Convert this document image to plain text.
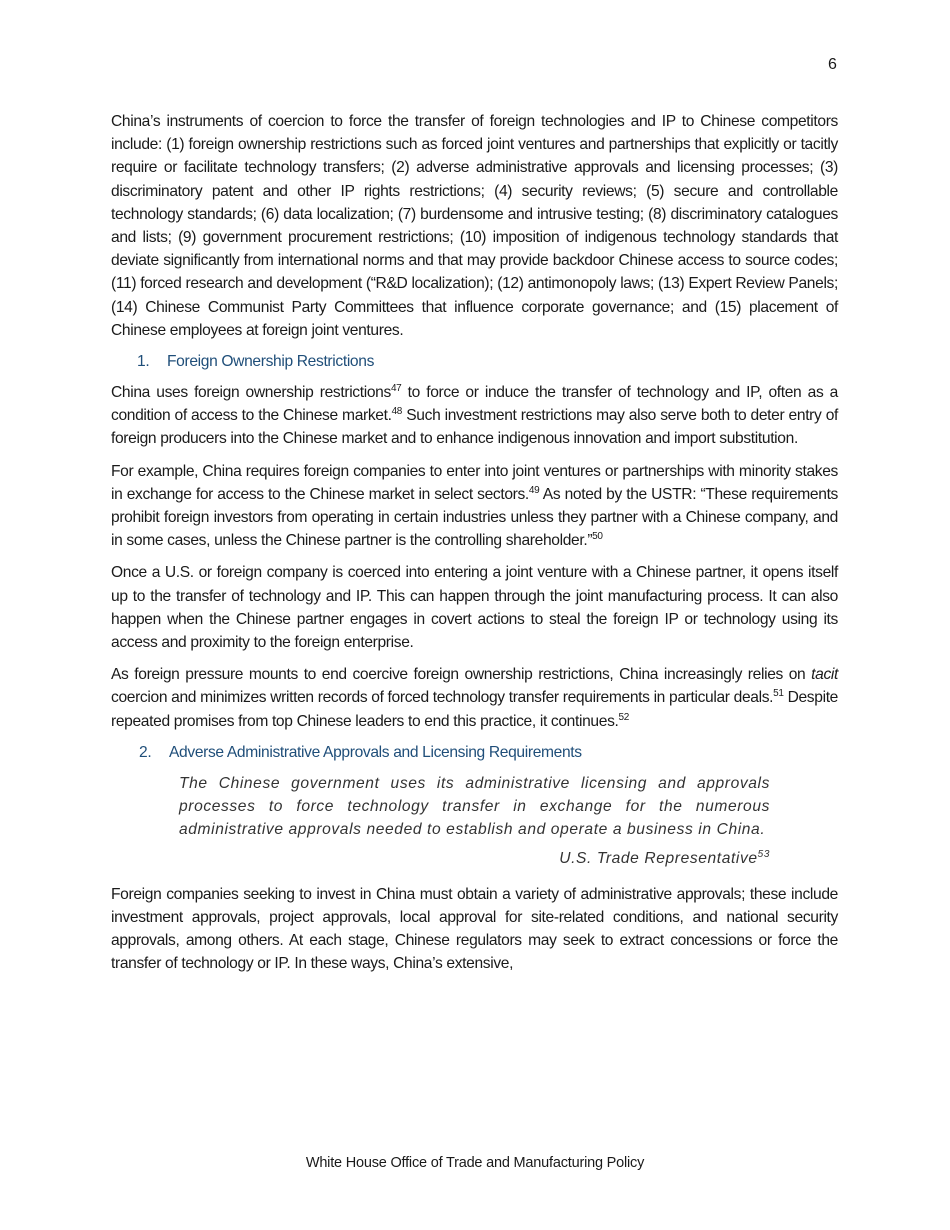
6

China’s instruments of coercion to force the transfer of foreign technologies and IP to Chinese competitors include: (1) foreign ownership restrictions such as forced joint ventures and partnerships that explicitly or tacitly require or facilitate technology transfers; (2) adverse administrative approvals and licensing processes; (3) discriminatory patent and other IP rights restrictions; (4) security reviews; (5) secure and controllable technology standards; (6) data localization; (7) burdensome and intrusive testing; (8) discriminatory catalogues and lists; (9) government procurement restrictions; (10) imposition of indigenous technology standards that deviate significantly from international norms and that may provide backdoor Chinese access to source codes; (11) forced research and development (“R&D localization); (12) antimonopoly laws; (13) Expert Review Panels; (14) Chinese Communist Party Committees that influence corporate governance; and (15) placement of Chinese employees at foreign joint ventures.

1. Foreign Ownership Restrictions

China uses foreign ownership restrictions$^{47}$ to force or induce the transfer of technology and IP, often as a condition of access to the Chinese market.$^{48}$ Such investment restrictions may also serve both to deter entry of foreign producers into the Chinese market and to enhance indigenous innovation and import substitution.

For example, China requires foreign companies to enter into joint ventures or partnerships with minority stakes in exchange for access to the Chinese market in select sectors.$^{49}$ As noted by the USTR: “These requirements prohibit foreign investors from operating in certain industries unless they partner with a Chinese company, and in some cases, unless the Chinese partner is the controlling shareholder.”$^{50}$

Once a U.S. or foreign company is coerced into entering a joint venture with a Chinese partner, it opens itself up to the transfer of technology and IP. This can happen through the joint manufacturing process. It can also happen when the Chinese partner engages in covert actions to steal the foreign IP or technology using its access and proximity to the foreign enterprise.

As foreign pressure mounts to end coercive foreign ownership restrictions, China increasingly relies on tacit coercion and minimizes written records of forced technology transfer requirements in particular deals.$^{51}$ Despite repeated promises from top Chinese leaders to end this practice, it continues.$^{52}$

2. Adverse Administrative Approvals and Licensing Requirements

The Chinese government uses its administrative licensing and approvals processes to force technology transfer in exchange for the numerous administrative approvals needed to establish and operate a business in China.

U.S. Trade Representative$^{53}$

Foreign companies seeking to invest in China must obtain a variety of administrative approvals; these include investment approvals, project approvals, local approval for site-related conditions, and national security approvals, among others. At each stage, Chinese regulators may seek to extract concessions or force the transfer of technology or IP. In these ways, China’s extensive,

White House Office of Trade and Manufacturing Policy
